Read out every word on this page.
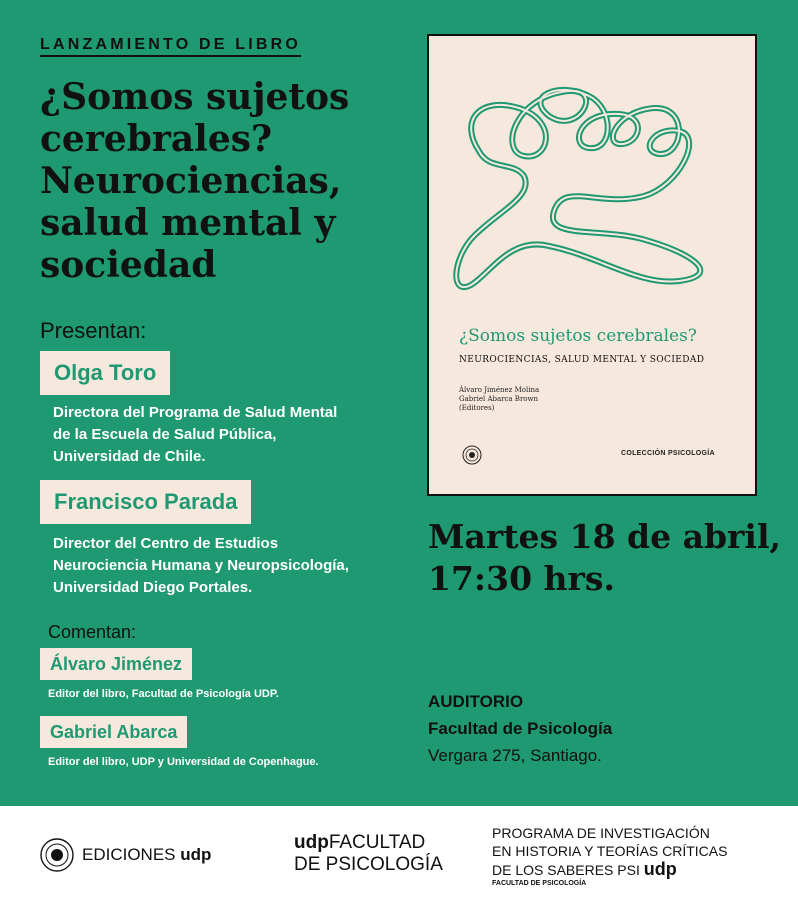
LANZAMIENTO DE LIBRO
¿Somos sujetos
cerebrales?
Neurociencias,
salud mental y
sociedad
Presentan:
Olga Toro
Directora del Programa de Salud Mental
de la Escuela de Salud Pública,
Universidad de Chile.
Francisco Parada
Director del Centro de Estudios
Neurociencia Humana y Neuropsicología,
Universidad Diego Portales.
Comentan:
Álvaro Jiménez
Editor del libro, Facultad de Psicología UDP.
Gabriel Abarca
Editor del libro, UDP y Universidad de Copenhague.
¿Somos sujetos cerebrales?
NEUROCIENCIAS, SALUD MENTAL Y SOCIEDAD
Álvaro Jiménez Molina
Gabriel Abarca Brown
(Editores)
COLECCIÓN PSICOLOGÍA
Martes 18 de abril,
17:30 hrs.
AUDITORIO
Facultad de Psicología
Vergara 275, Santiago.
EDICIONES udp
udpFACULTAD
DE PSICOLOGÍA
PROGRAMA DE INVESTIGACIÓN
EN HISTORIA Y TEORÍAS CRÍTICAS
DE LOS SABERES PSI udp
FACULTAD DE PSICOLOGÍA
